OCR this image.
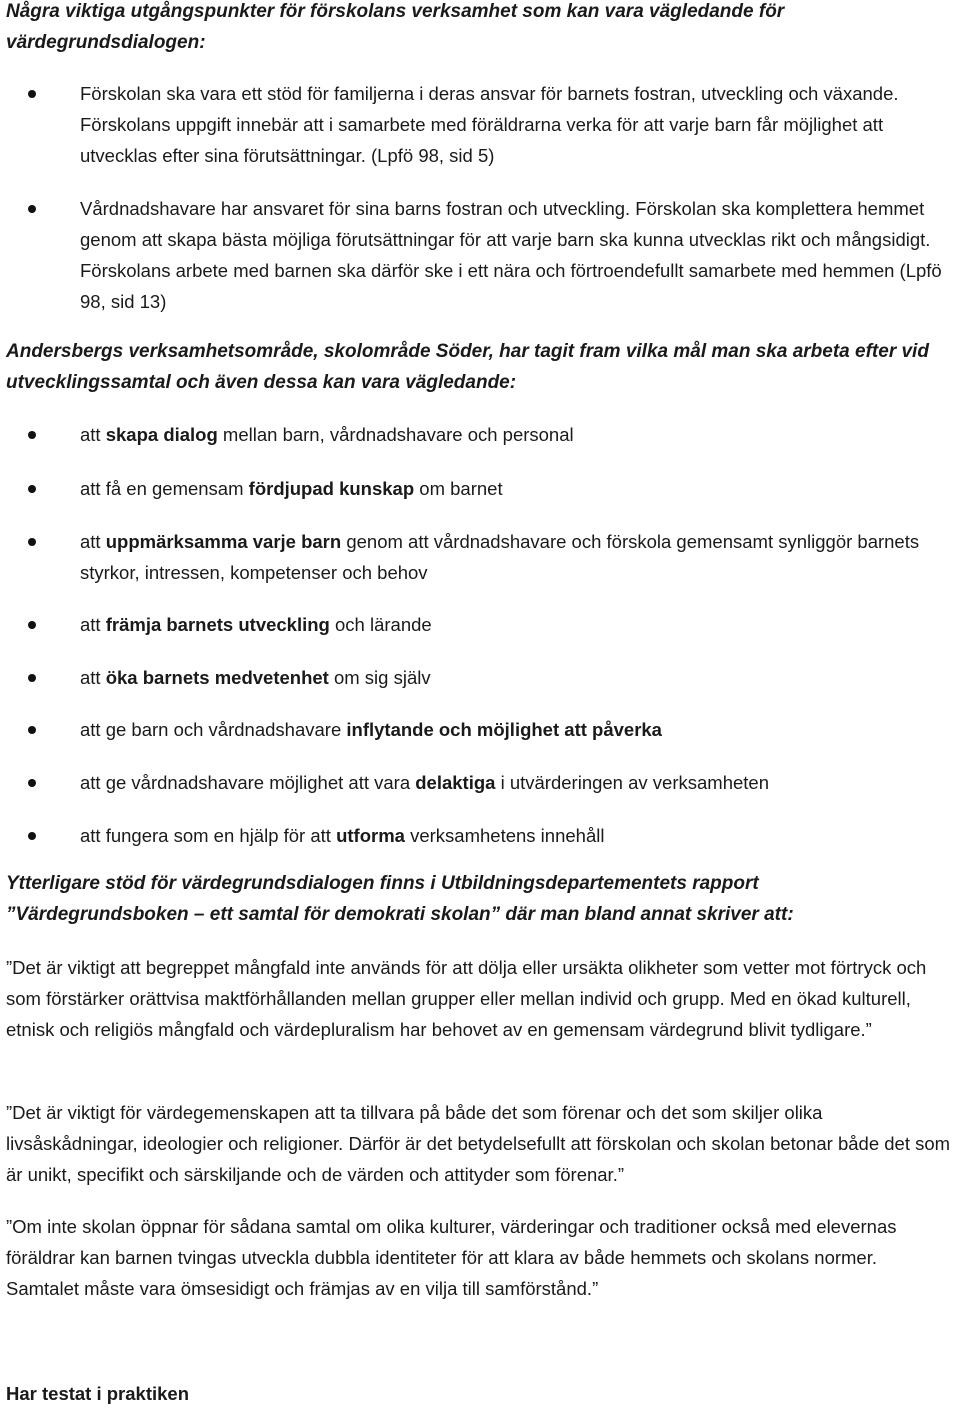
Några viktiga utgångspunkter för förskolans verksamhet som kan vara vägledande för värdegrundsdialogen:

Förskolan ska vara ett stöd för familjerna i deras ansvar för barnets fostran, utveckling och växande. Förskolans uppgift innebär att i samarbete med föräldrarna verka för att varje barn får möjlighet att utvecklas efter sina förutsättningar. (Lpfö 98, sid 5)
Vårdnadshavare har ansvaret för sina barns fostran och utveckling. Förskolan ska komplettera hemmet genom att skapa bästa möjliga förutsättningar för att varje barn ska kunna utvecklas rikt och mångsidigt. Förskolans arbete med barnen ska därför ske i ett nära och förtroendefullt samarbete med hemmen (Lpfö 98, sid 13)

Andersbergs verksamhetsområde, skolområde Söder, har tagit fram vilka mål man ska arbeta efter vid utvecklingssamtal och även dessa kan vara vägledande:

att skapa dialog mellan barn, vårdnadshavare och personal
att få en gemensam fördjupad kunskap om barnet
att uppmärksamma varje barn genom att vårdnadshavare och förskola gemensamt synliggör barnets styrkor, intressen, kompetenser och behov
att främja barnets utveckling och lärande
att öka barnets medvetenhet om sig själv
att ge barn och vårdnadshavare inflytande och möjlighet att påverka
att ge vårdnadshavare möjlighet att vara delaktiga i utvärderingen av verksamheten
att fungera som en hjälp för att utforma verksamhetens innehåll

Ytterligare stöd för värdegrundsdialogen finns i Utbildningsdepartementets rapport ”Värdegrundsboken – ett samtal för demokrati skolan” där man bland annat skriver att:

”Det är viktigt att begreppet mångfald inte används för att dölja eller ursäkta olikheter som vetter mot förtryck och som förstärker orättvisa maktförhållanden mellan grupper eller mellan individ och grupp. Med en ökad kulturell, etnisk och religiös mångfald och värdepluralism har behovet av en gemensam värdegrund blivit tydligare.”

”Det är viktigt för värdegemenskapen att ta tillvara på både det som förenar och det som skiljer olika livsåskådningar, ideologier och religioner. Därför är det betydelsefullt att förskolan och skolan betonar både det som är unikt, specifikt och särskiljande och de värden och attityder som förenar.”

”Om inte skolan öppnar för sådana samtal om olika kulturer, värderingar och traditioner också med elevernas föräldrar kan barnen tvingas utveckla dubbla identiteter för att klara av både hemmets och skolans normer. Samtalet måste vara ömsesidigt och främjas av en vilja till samförstånd.”

Har testat i praktiken
